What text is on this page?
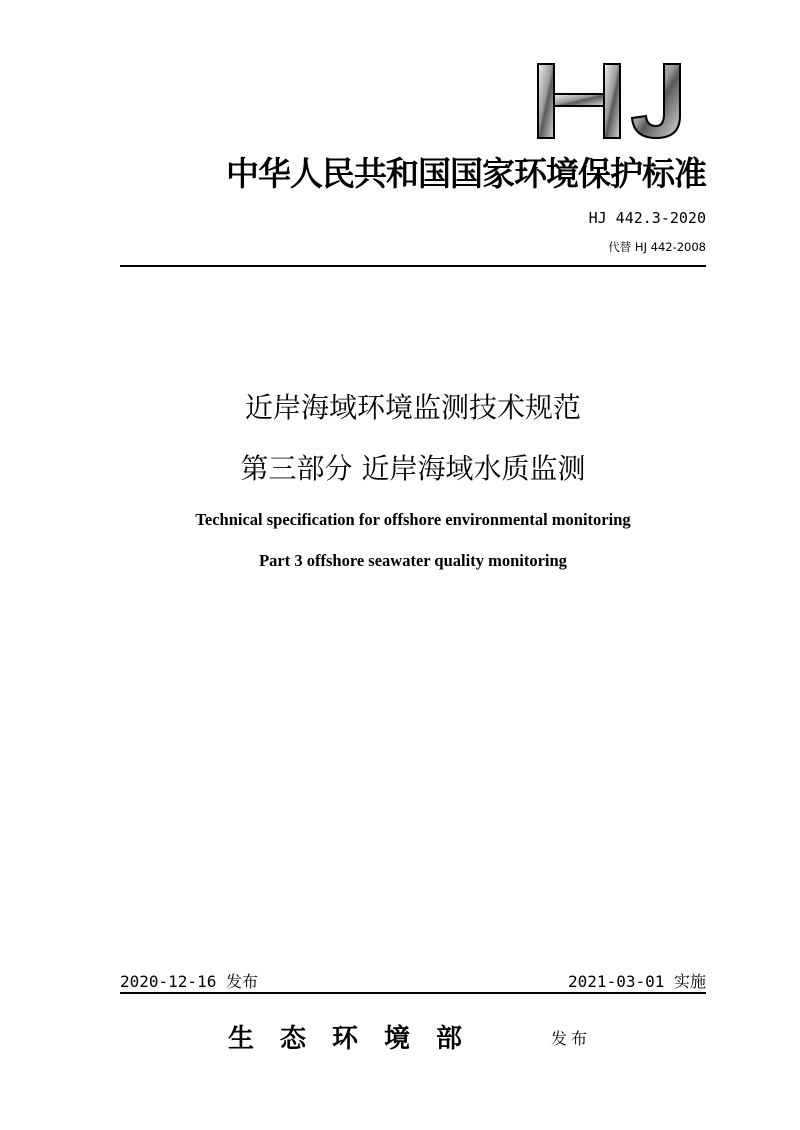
中华人民共和国国家环境保护标准
HJ 442.3-2020
代替 HJ 442-2008
近岸海域环境监测技术规范
第三部分 近岸海域水质监测
Technical specification for offshore environmental monitoring
Part 3 offshore seawater quality monitoring
2020-12-16 发布	2021-03-01 实施
生态环境部	发布
